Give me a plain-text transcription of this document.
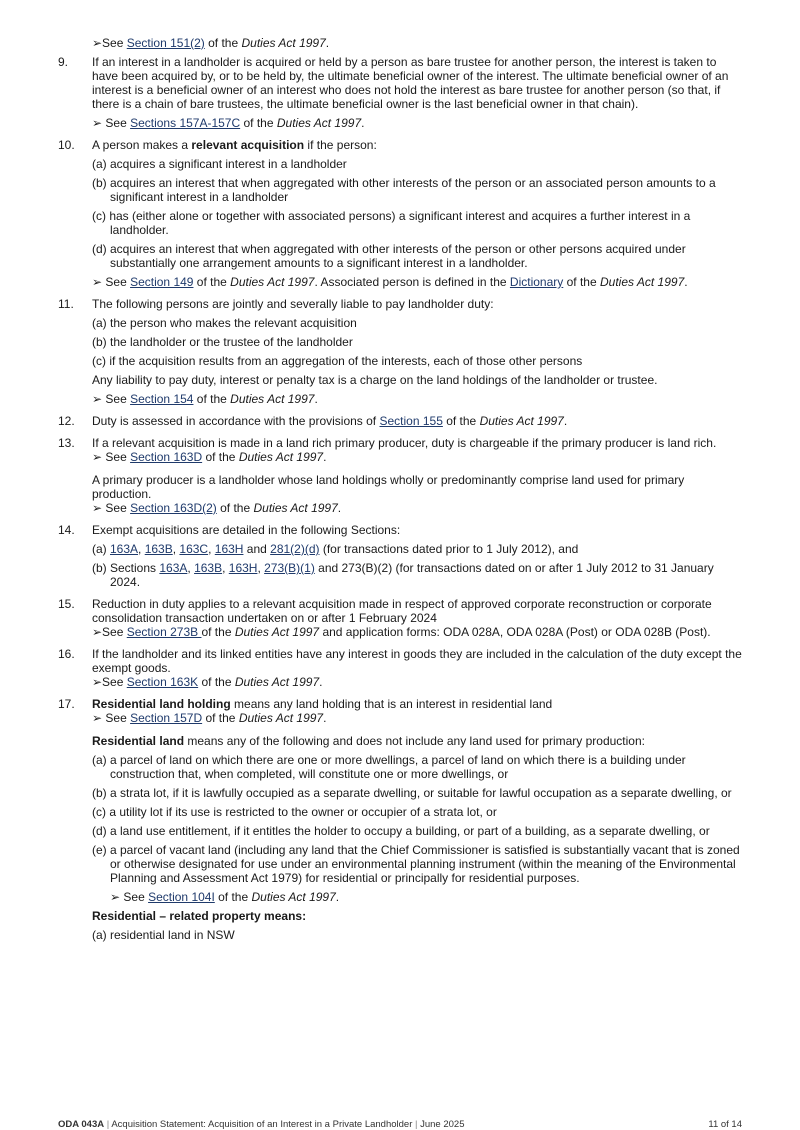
➢See Section 151(2) of the Duties Act 1997.

9. If an interest in a landholder is acquired or held by a person as bare trustee for another person, the interest is taken to have been acquired by, or to be held by, the ultimate beneficial owner of the interest. The ultimate beneficial owner of an interest is a beneficial owner of an interest who does not hold the interest as bare trustee for another person (so that, if there is a chain of bare trustees, the ultimate beneficial owner is the last beneficial owner in that chain).

➢ See Sections 157A-157C of the Duties Act 1997.

10. A person makes a relevant acquisition if the person:

(a) acquires a significant interest in a landholder

(b) acquires an interest that when aggregated with other interests of the person or an associated person amounts to a significant interest in a landholder

(c) has (either alone or together with associated persons) a significant interest and acquires a further interest in a landholder.

(d) acquires an interest that when aggregated with other interests of the person or other persons acquired under substantially one arrangement amounts to a significant interest in a landholder.

➢ See Section 149 of the Duties Act 1997. Associated person is defined in the Dictionary of the Duties Act 1997.

11. The following persons are jointly and severally liable to pay landholder duty:

(a) the person who makes the relevant acquisition

(b) the landholder or the trustee of the landholder

(c) if the acquisition results from an aggregation of the interests, each of those other persons

Any liability to pay duty, interest or penalty tax is a charge on the land holdings of the landholder or trustee.

➢ See Section 154 of the Duties Act 1997.

12. Duty is assessed in accordance with the provisions of Section 155 of the Duties Act 1997.

13. If a relevant acquisition is made in a land rich primary producer, duty is chargeable if the primary producer is land rich.

➢ See Section 163D of the Duties Act 1997.

A primary producer is a landholder whose land holdings wholly or predominantly comprise land used for primary production.

➢ See Section 163D(2) of the Duties Act 1997.

14. Exempt acquisitions are detailed in the following Sections:

(a) 163A, 163B, 163C, 163H and 281(2)(d) (for transactions dated prior to 1 July 2012), and

(b) Sections 163A, 163B, 163H, 273(B)(1) and 273(B)(2) (for transactions dated on or after 1 July 2012 to 31 January 2024.

15. Reduction in duty applies to a relevant acquisition made in respect of approved corporate reconstruction or corporate consolidation transaction undertaken on or after 1 February 2024

➢See Section 273B of the Duties Act 1997 and application forms: ODA 028A, ODA 028A (Post) or ODA 028B (Post).

16. If the landholder and its linked entities have any interest in goods they are included in the calculation of the duty except the exempt goods.

➢See Section 163K of the Duties Act 1997.

17. Residential land holding means any land holding that is an interest in residential land

➢ See Section 157D of the Duties Act 1997.

Residential land means any of the following and does not include any land used for primary production:

(a) a parcel of land on which there are one or more dwellings, a parcel of land on which there is a building under construction that, when completed, will constitute one or more dwellings, or

(b) a strata lot, if it is lawfully occupied as a separate dwelling, or suitable for lawful occupation as a separate dwelling, or

(c) a utility lot if its use is restricted to the owner or occupier of a strata lot, or

(d) a land use entitlement, if it entitles the holder to occupy a building, or part of a building, as a separate dwelling, or

(e) a parcel of vacant land (including any land that the Chief Commissioner is satisfied is substantially vacant that is zoned or otherwise designated for use under an environmental planning instrument (within the meaning of the Environmental Planning and Assessment Act 1979) for residential or principally for residential purposes.

➢ See Section 104I of the Duties Act 1997.

Residential – related property means:

(a) residential land in NSW

ODA 043A | Acquisition Statement: Acquisition of an Interest in a Private Landholder | June 2025	11 of 14
